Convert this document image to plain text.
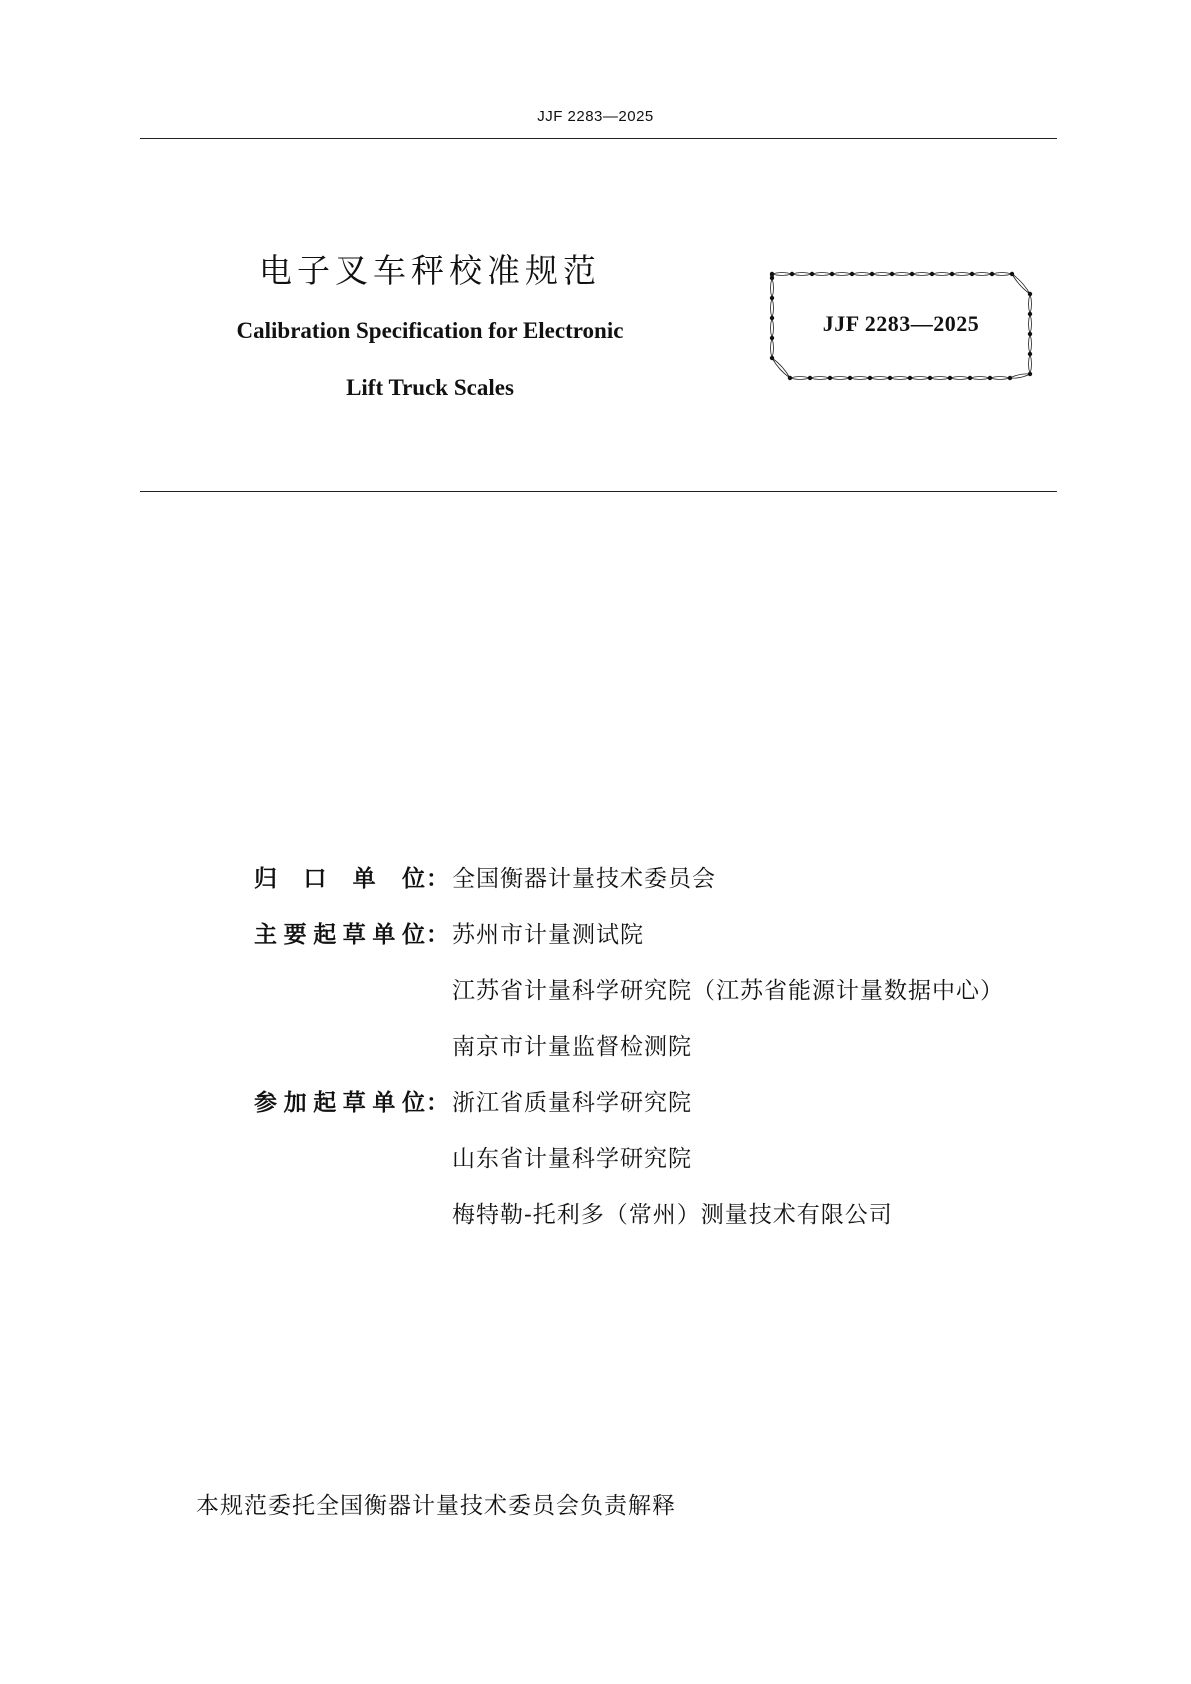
JJF 2283—2025
电子叉车秤校准规范
Calibration Specification for Electronic
Lift Truck Scales
JJF 2283—2025
归口单位 ： 全国衡器计量技术委员会
主要起草单位 ： 苏州市计量测试院
江苏省计量科学研究院（江苏省能源计量数据中心）
南京市计量监督检测院
参加起草单位 ： 浙江省质量科学研究院
山东省计量科学研究院
梅特勒-托利多（常州）测量技术有限公司
本规范委托全国衡器计量技术委员会负责解释
